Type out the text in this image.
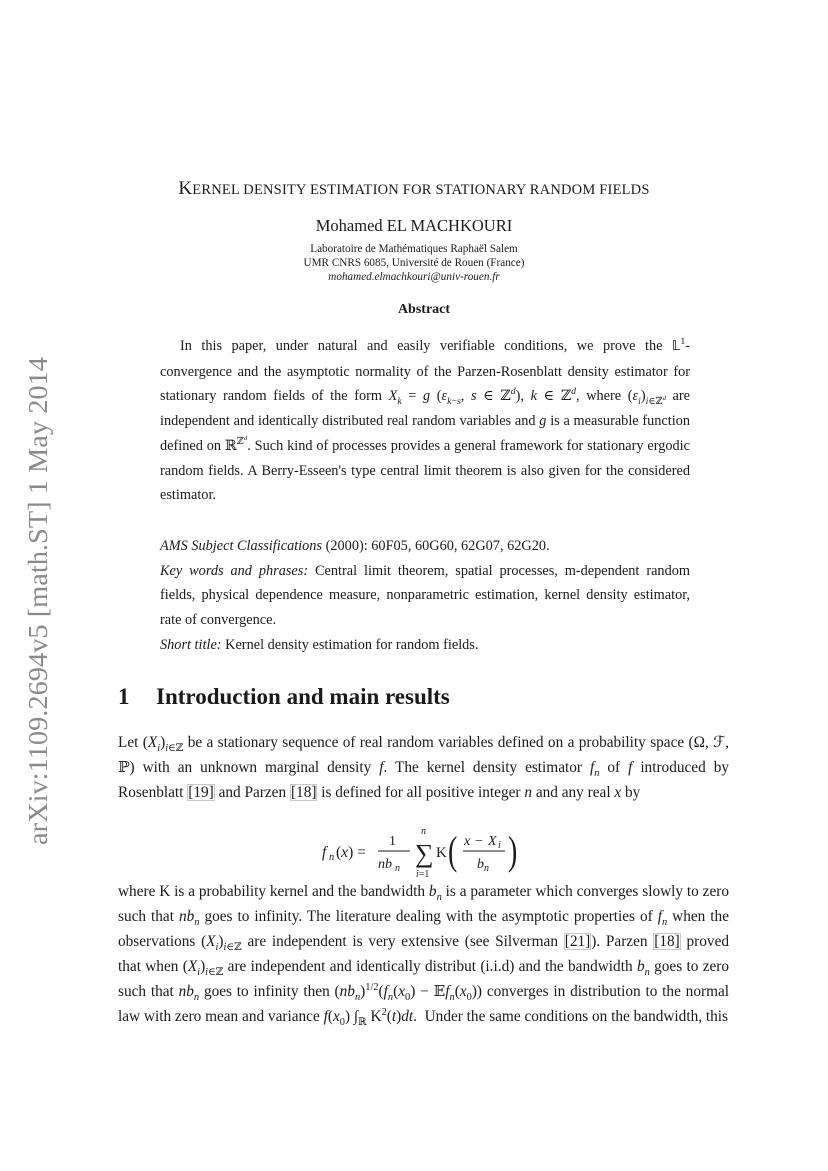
arXiv:1109.2694v5 [math.ST] 1 May 2014
KERNEL DENSITY ESTIMATION FOR STATIONARY RANDOM FIELDS
Mohamed EL MACHKOURI
Laboratoire de Mathématiques Raphaël Salem
UMR CNRS 6085, Université de Rouen (France)
mohamed.elmachkouri@univ-rouen.fr
Abstract

In this paper, under natural and easily verifiable conditions, we prove the 𝕃$^1$-convergence and the asymptotic normality of the Parzen-Rosenblatt density estimator for stationary random fields of the form $X_k = g$ ($\varepsilon_{k-s}$, s ∈ ℤ$^d$), k ∈ ℤ$^d$, where $(\varepsilon_i)_{i\in ℤ^d}$ are independent and identically distributed real random variables and g is a measurable function defined on ℝ$^{ℤ^d}$. Such kind of processes provides a general framework for stationary ergodic random fields. A Berry-Esseen's type central limit theorem is also given for the considered estimator.

AMS Subject Classifications (2000): 60F05, 60G60, 62G07, 62G20.

Key words and phrases: Central limit theorem, spatial processes, m-dependent random fields, physical dependence measure, nonparametric estimation, kernel density estimator, rate of convergence.

Short title: Kernel density estimation for random fields.

1 Introduction and main results

Let $(X_i)_{i\in ℤ}$ be a stationary sequence of real random variables defined on a probability space (Ω, ℱ, ℙ) with an unknown marginal density f. The kernel density estimator $f_n$ of f introduced by Rosenblatt [19] and Parzen [18] is defined for all positive integer n and any real x by

f n (x) =
1
nb n
n
∑
i=1
K ( x − X i
b n )

where K is a probability kernel and the bandwidth $b_n$ is a parameter which converges slowly to zero such that $nb_n$ goes to infinity. The literature dealing with the asymptotic properties of $f_n$ when the observations $(X_i)_{i\in ℤ}$ are independent is very extensive (see Silverman [21]). Parzen [18] proved that when $(X_i)_{i\in ℤ}$ are independent and identically distribut (i.i.d) and the bandwidth $b_n$ goes to zero such that $nb_n$ goes to infinity then $(nb_n)^{1/2}(f_n(x_0)$ − $𝔼f_n(x_0)$) converges in distribution to the normal law with zero mean and variance $f(x_0)$ $\int_ℝ$ $K^2(t)dt$.  Under the same conditions on the bandwidth, this
